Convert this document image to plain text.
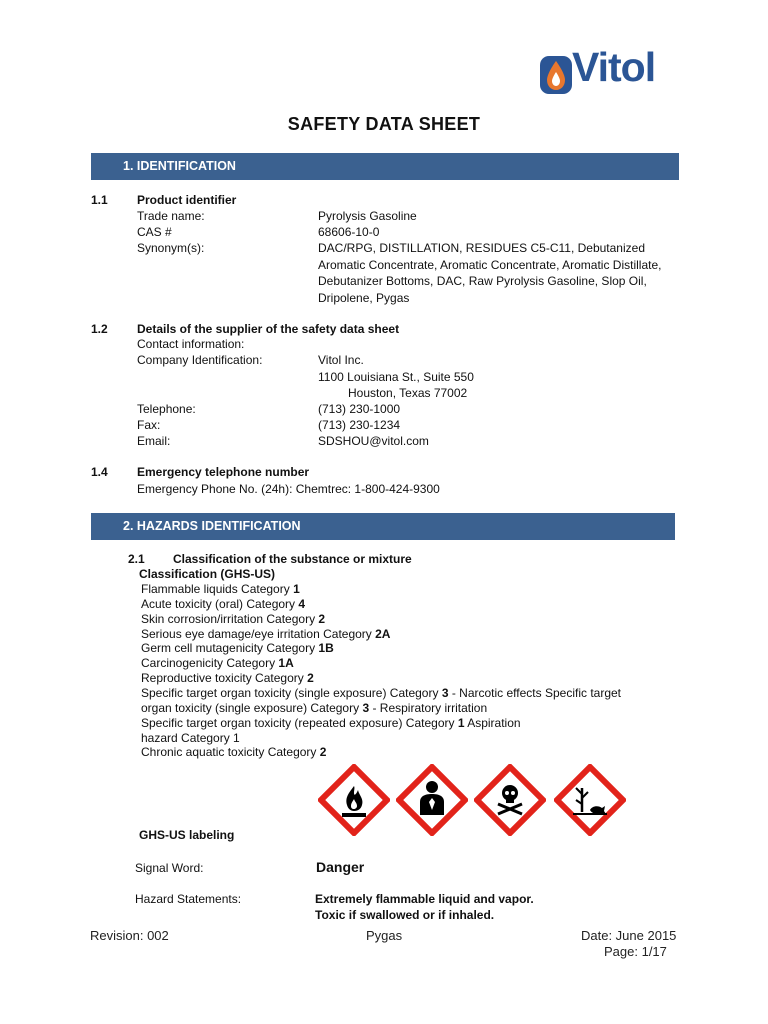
Vitol
SAFETY DATA SHEET
1. IDENTIFICATION
1.1 Product identifier
Trade name:	Pyrolysis Gasoline
CAS #	68606-10-0
Synonym(s):	DAC/RPG, DISTILLATION, RESIDUES C5-C11, Debutanized
Aromatic Concentrate, Aromatic Concentrate, Aromatic Distillate,
Debutanizer Bottoms, DAC, Raw Pyrolysis Gasoline, Slop Oil,
Dripolene, Pygas
1.2 Details of the supplier of the safety data sheet
Contact information:
Company Identification:	Vitol Inc.
1100 Louisiana St., Suite 550
Houston, Texas 77002
Telephone:	(713) 230-1000
Fax:	(713) 230-1234
Email:	SDSHOU@vitol.com
1.4 Emergency telephone number
Emergency Phone No. (24h): Chemtrec: 1-800-424-9300
2. HAZARDS IDENTIFICATION
2.1 Classification of the substance or mixture
Classification (GHS-US)
Flammable liquids Category 1
Acute toxicity (oral) Category 4
Skin corrosion/irritation Category 2
Serious eye damage/eye irritation Category 2A
Germ cell mutagenicity Category 1B
Carcinogenicity Category 1A
Reproductive toxicity Category 2
Specific target organ toxicity (single exposure) Category 3 - Narcotic effects Specific target
organ toxicity (single exposure) Category 3 - Respiratory irritation
Specific target organ toxicity (repeated exposure) Category 1 Aspiration
hazard Category 1
Chronic aquatic toxicity Category 2
GHS-US labeling
Signal Word:	Danger
Hazard Statements:	Extremely flammable liquid and vapor.
Toxic if swallowed or if inhaled.
Revision: 002	Pygas	Date: June 2015
Page: 1/17
